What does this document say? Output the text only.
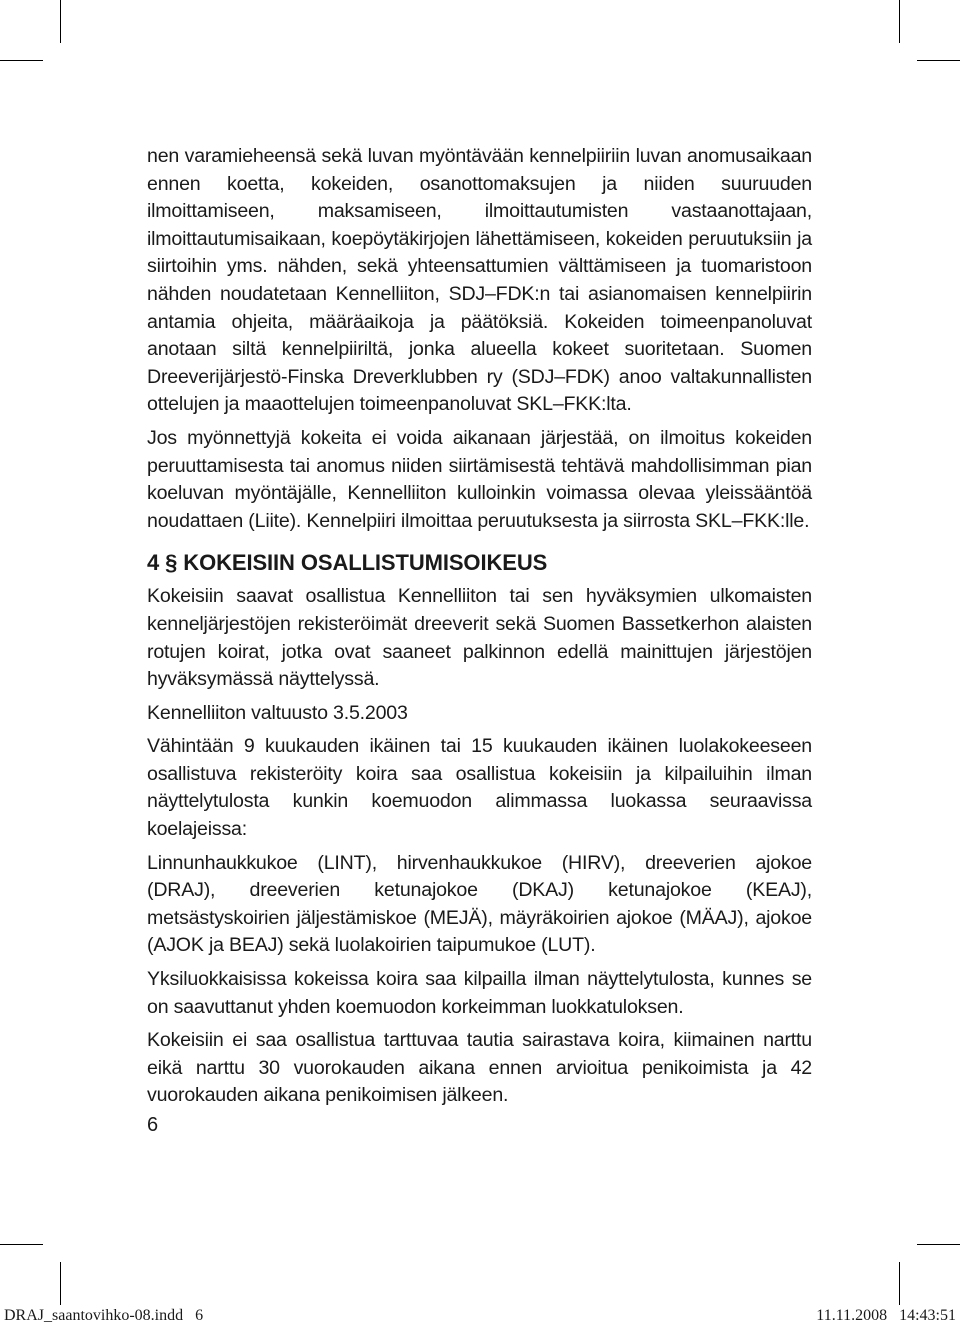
nen varamieheensä sekä luvan myöntävään kennelpiiriin luvan anomusaikaan ennen koetta, kokeiden, osanottomaksujen ja niiden suuruuden ilmoittamiseen, maksamiseen, ilmoittautumisten vastaanottajaan, ilmoittautumisaikaan, koepöytäkirjojen lähettämiseen, kokeiden peruutuksiin ja siirtoihin yms. nähden, sekä yhteensattumien välttämiseen ja tuomaristoon nähden noudatetaan Kennelliiton, SDJ–FDK:n tai asianomaisen kennelpiirin antamia ohjeita, määräaikoja ja päätöksiä. Kokeiden toimeenpanoluvat anotaan siltä kennelpiiriltä, jonka alueella kokeet suoritetaan. Suomen Dreeverijärjestö-Finska Dreverklubben ry (SDJ–FDK) anoo valtakunnallisten ottelujen ja maaottelujen toimeenpanoluvat SKL–FKK:lta.

Jos myönnettyjä kokeita ei voida aikanaan järjestää, on ilmoitus kokeiden peruuttamisesta tai anomus niiden siirtämisestä tehtävä mahdollisimman pian koeluvan myöntäjälle, Kennelliiton kulloinkin voimassa olevaa yleissääntöä noudattaen (Liite). Kennelpiiri ilmoittaa peruutuksesta ja siirrosta SKL–FKK:lle.

4 § KOKEISIIN OSALLISTUMISOIKEUS

Kokeisiin saavat osallistua Kennelliiton tai sen hyväksymien ulkomaisten kenneljärjestöjen rekisteröimät dreeverit sekä Suomen Bassetkerhon alaisten rotujen koirat, jotka ovat saaneet palkinnon edellä mainittujen järjestöjen hyväksymässä näyttelyssä.

Kennelliiton valtuusto 3.5.2003

Vähintään 9 kuukauden ikäinen tai 15 kuukauden ikäinen luolakokeeseen osallistuva rekisteröity koira saa osallistua kokeisiin ja kilpailuihin ilman näyttelytulosta kunkin koemuodon alimmassa luokassa seuraavissa koelajeissa:

Linnunhaukkukoe (LINT), hirvenhaukkukoe (HIRV), dreeverien ajokoe (DRAJ), dreeverien ketunajokoe (DKAJ) ketunajokoe (KEAJ), metsästyskoirien jäljestämiskoe (MEJÄ), mäyräkoirien ajokoe (MÄAJ), ajokoe (AJOK ja BEAJ) sekä luolakoirien taipumukoe (LUT).

Yksiluokkaisissa kokeissa koira saa kilpailla ilman näyttelytulosta, kunnes se on saavuttanut yhden koemuodon korkeimman luokkatuloksen.

Kokeisiin ei saa osallistua tarttuvaa tautia sairastava koira, kiimainen narttu eikä narttu 30 vuorokauden aikana ennen arvioitua penikoimista ja 42 vuorokauden aikana penikoimisen jälkeen.

6
DRAJ_saantovihko-08.indd   6	11.11.2008   14:43:51
